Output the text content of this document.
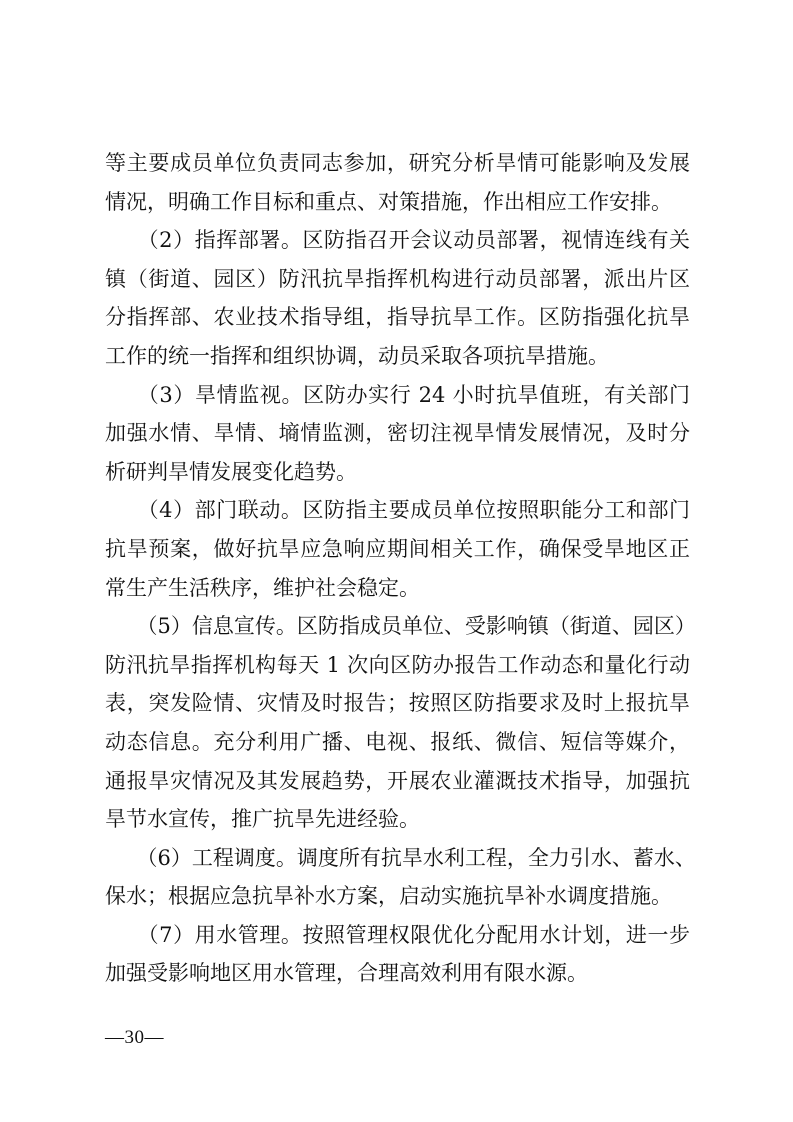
等主要成员单位负责同志参加，研究分析旱情可能影响及发展
情况，明确工作目标和重点、对策措施，作出相应工作安排。
　　（2）指挥部署。区防指召开会议动员部署，视情连线有关
镇（街道、园区）防汛抗旱指挥机构进行动员部署，派出片区
分指挥部、农业技术指导组，指导抗旱工作。区防指强化抗旱
工作的统一指挥和组织协调，动员采取各项抗旱措施。
　　（3）旱情监视。区防办实行 24 小时抗旱值班，有关部门
加强水情、旱情、墒情监测，密切注视旱情发展情况，及时分
析研判旱情发展变化趋势。
　　（4）部门联动。区防指主要成员单位按照职能分工和部门
抗旱预案，做好抗旱应急响应期间相关工作，确保受旱地区正
常生产生活秩序，维护社会稳定。
　　（5）信息宣传。区防指成员单位、受影响镇（街道、园区）
防汛抗旱指挥机构每天 1 次向区防办报告工作动态和量化行动
表，突发险情、灾情及时报告；按照区防指要求及时上报抗旱
动态信息。充分利用广播、电视、报纸、微信、短信等媒介，
通报旱灾情况及其发展趋势，开展农业灌溉技术指导，加强抗
旱节水宣传，推广抗旱先进经验。
　　（6）工程调度。调度所有抗旱水利工程，全力引水、蓄水、
保水；根据应急抗旱补水方案，启动实施抗旱补水调度措施。
　　（7）用水管理。按照管理权限优化分配用水计划，进一步
加强受影响地区用水管理，合理高效利用有限水源。
—30—
